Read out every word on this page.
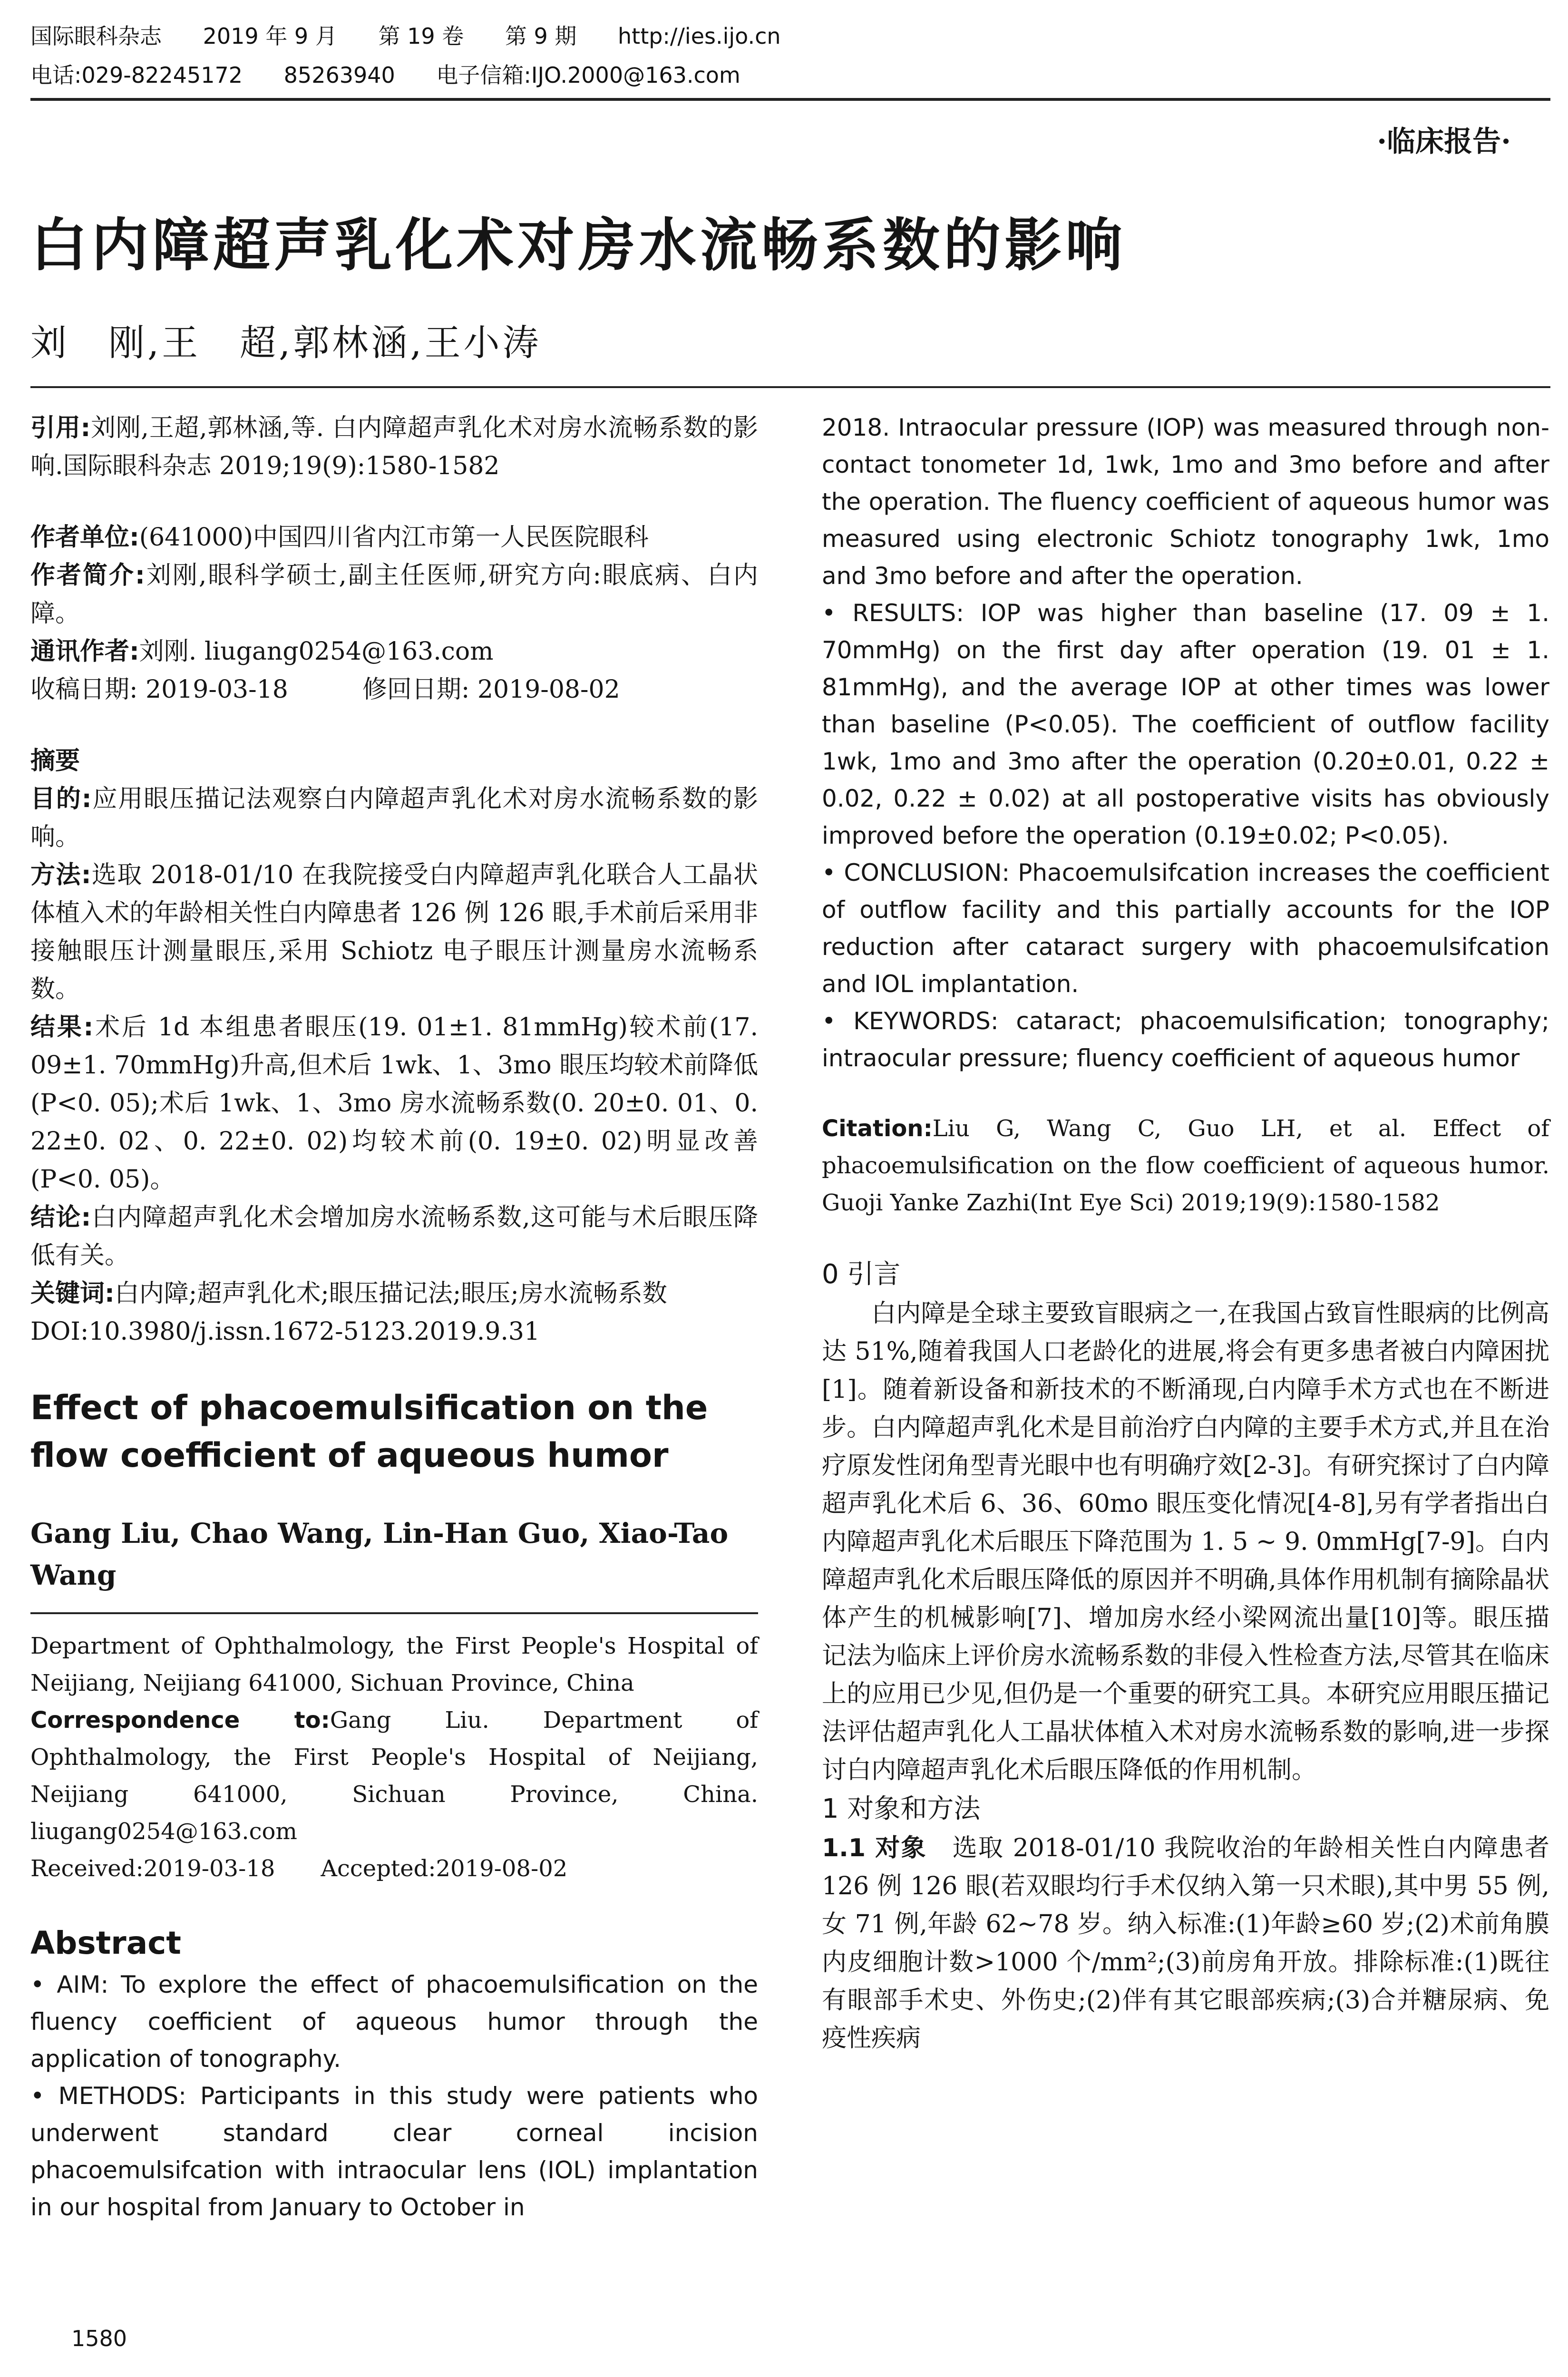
国际眼科杂志 2019 年 9 月 第 19 卷 第 9 期 http://ies.ijo.cn
电话:029-82245172 85263940 电子信箱:IJO.2000@163.com
·临床报告·
白内障超声乳化术对房水流畅系数的影响
刘　刚,王　超,郭林涵,王小涛

引用:刘刚,王超,郭林涵,等. 白内障超声乳化术对房水流畅系数的影响.国际眼科杂志 2019;19(9):1580-1582

作者单位:(641000)中国四川省内江市第一人民医院眼科

作者简介:刘刚,眼科学硕士,副主任医师,研究方向:眼底病、白内障。

通讯作者:刘刚. liugang0254@163.com

收稿日期: 2019-03-18　　　修回日期: 2019-08-02

摘要

目的:应用眼压描记法观察白内障超声乳化术对房水流畅系数的影响。

方法:选取 2018-01/10 在我院接受白内障超声乳化联合人工晶状体植入术的年龄相关性白内障患者 126 例 126 眼,手术前后采用非接触眼压计测量眼压,采用 Schiotz 电子眼压计测量房水流畅系数。

结果:术后 1d 本组患者眼压(19. 01±1. 81mmHg)较术前(17. 09±1. 70mmHg)升高,但术后 1wk、1、3mo 眼压均较术前降低(P<0. 05);术后 1wk、1、3mo 房水流畅系数(0. 20±0. 01、0. 22±0. 02、0. 22±0. 02)均较术前(0. 19±0. 02)明显改善(P<0. 05)。

结论:白内障超声乳化术会增加房水流畅系数,这可能与术后眼压降低有关。

关键词:白内障;超声乳化术;眼压描记法;眼压;房水流畅系数

DOI:10.3980/j.issn.1672-5123.2019.9.31

Effect of phacoemulsification on the flow coefficient of aqueous humor

Gang Liu, Chao Wang, Lin-Han Guo, Xiao-Tao Wang

Department of Ophthalmology, the First People's Hospital of Neijiang, Neijiang 641000, Sichuan Province, China

Correspondence to:Gang Liu. Department of Ophthalmology, the First People's Hospital of Neijiang, Neijiang 641000, Sichuan Province, China. liugang0254@163.com

Received:2019-03-18　　Accepted:2019-08-02

Abstract

• AIM: To explore the effect of phacoemulsification on the fluency coefficient of aqueous humor through the application of tonography.

• METHODS: Participants in this study were patients who underwent standard clear corneal incision phacoemulsifcation with intraocular lens (IOL) implantation in our hospital from January to October in

2018. Intraocular pressure (IOP) was measured through non-contact tonometer 1d, 1wk, 1mo and 3mo before and after the operation. The fluency coefficient of aqueous humor was measured using electronic Schiotz tonography 1wk, 1mo and 3mo before and after the operation.

• RESULTS: IOP was higher than baseline (17. 09 ± 1. 70mmHg) on the first day after operation (19. 01 ± 1. 81mmHg), and the average IOP at other times was lower than baseline (P<0.05). The coefficient of outflow facility 1wk, 1mo and 3mo after the operation (0.20±0.01, 0.22 ± 0.02, 0.22 ± 0.02) at all postoperative visits has obviously improved before the operation (0.19±0.02; P<0.05).

• CONCLUSION: Phacoemulsifcation increases the coefficient of outflow facility and this partially accounts for the IOP reduction after cataract surgery with phacoemulsifcation and IOL implantation.

• KEYWORDS: cataract; phacoemulsification; tonography; intraocular pressure; fluency coefficient of aqueous humor

Citation:Liu G, Wang C, Guo LH, et al. Effect of phacoemulsification on the flow coefficient of aqueous humor. Guoji Yanke Zazhi(Int Eye Sci) 2019;19(9):1580-1582

0 引言

白内障是全球主要致盲眼病之一,在我国占致盲性眼病的比例高达 51%,随着我国人口老龄化的进展,将会有更多患者被白内障困扰[1]。随着新设备和新技术的不断涌现,白内障手术方式也在不断进步。白内障超声乳化术是目前治疗白内障的主要手术方式,并且在治疗原发性闭角型青光眼中也有明确疗效[2-3]。有研究探讨了白内障超声乳化术后 6、36、60mo 眼压变化情况[4-8],另有学者指出白内障超声乳化术后眼压下降范围为 1. 5 ~ 9. 0mmHg[7-9]。白内障超声乳化术后眼压降低的原因并不明确,具体作用机制有摘除晶状体产生的机械影响[7]、增加房水经小梁网流出量[10]等。眼压描记法为临床上评价房水流畅系数的非侵入性检查方法,尽管其在临床上的应用已少见,但仍是一个重要的研究工具。本研究应用眼压描记法评估超声乳化人工晶状体植入术对房水流畅系数的影响,进一步探讨白内障超声乳化术后眼压降低的作用机制。

1 对象和方法

1.1 对象　 选取 2018-01/10 我院收治的年龄相关性白内障患者 126 例 126 眼(若双眼均行手术仅纳入第一只术眼),其中男 55 例,女 71 例,年龄 62~78 岁。纳入标准:(1)年龄≥60 岁;(2)术前角膜内皮细胞计数>1000 个/mm²;(3)前房角开放。排除标准:(1)既往有眼部手术史、外伤史;(2)伴有其它眼部疾病;(3)合并糖尿病、免疫性疾病

1580
